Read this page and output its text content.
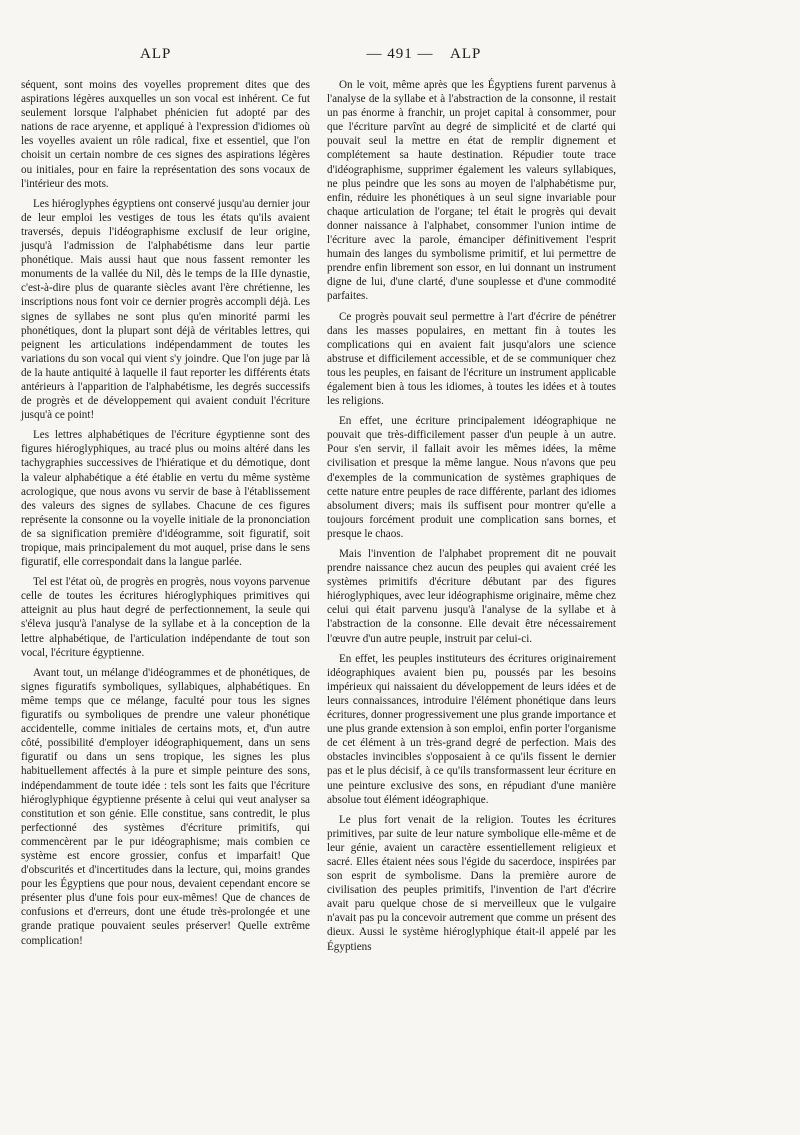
ALP	— 491 —	ALP

séquent, sont moins des voyelles proprement dites que des aspirations légères auxquelles un son vocal est inhérent. Ce fut seulement lorsque l'alphabet phénicien fut adopté par des nations de race aryenne, et appliqué à l'expression d'idiomes où les voyelles avaient un rôle radical, fixe et essentiel, que l'on choisit un certain nombre de ces signes des aspirations légères ou initiales, pour en faire la représentation des sons vocaux de l'intérieur des mots.

Les hiéroglyphes égyptiens ont conservé jusqu'au dernier jour de leur emploi les vestiges de tous les états qu'ils avaient traversés, depuis l'idéographisme exclusif de leur origine, jusqu'à l'admission de l'alphabétisme dans leur partie phonétique. Mais aussi haut que nous fassent remonter les monuments de la vallée du Nil, dès le temps de la IIIe dynastie, c'est-à-dire plus de quarante siècles avant l'ère chrétienne, les inscriptions nous font voir ce dernier progrès accompli déjà. Les signes de syllabes ne sont plus qu'en minorité parmi les phonétiques, dont la plupart sont déjà de véritables lettres, qui peignent les articulations indépendamment de toutes les variations du son vocal qui vient s'y joindre. Que l'on juge par là de la haute antiquité à laquelle il faut reporter les différents états antérieurs à l'apparition de l'alphabétisme, les degrés successifs de progrès et de développement qui avaient conduit l'écriture jusqu'à ce point!

Les lettres alphabétiques de l'écriture égyptienne sont des figures hiéroglyphiques, au tracé plus ou moins altéré dans les tachygraphies successives de l'hiératique et du démotique, dont la valeur alphabétique a été établie en vertu du même système acrologique, que nous avons vu servir de base à l'établissement des valeurs des signes de syllabes. Chacune de ces figures représente la consonne ou la voyelle initiale de la prononciation de sa signification première d'idéogramme, soit figuratif, soit tropique, mais principalement du mot auquel, prise dans le sens figuratif, elle correspondait dans la langue parlée.

Tel est l'état où, de progrès en progrès, nous voyons parvenue celle de toutes les écritures hiéroglyphiques primitives qui atteignit au plus haut degré de perfectionnement, la seule qui s'éleva jusqu'à l'analyse de la syllabe et à la conception de la lettre alphabétique, de l'articulation indépendante de tout son vocal, l'écriture égyptienne.

Avant tout, un mélange d'idéogrammes et de phonétiques, de signes figuratifs symboliques, syllabiques, alphabétiques. En même temps que ce mélange, faculté pour tous les signes figuratifs ou symboliques de prendre une valeur phonétique accidentelle, comme initiales de certains mots, et, d'un autre côté, possibilité d'employer idéographiquement, dans un sens figuratif ou dans un sens tropique, les signes les plus habituellement affectés à la pure et simple peinture des sons, indépendamment de toute idée : tels sont les faits que l'écriture hiéroglyphique égyptienne présente à celui qui veut analyser sa constitution et son génie. Elle constitue, sans contredit, le plus perfectionné des systèmes d'écriture primitifs, qui commencèrent par le pur idéographisme; mais combien ce système est encore grossier, confus et imparfait! Que d'obscurités et d'incertitudes dans la lecture, qui, moins grandes pour les Égyptiens que pour nous, devaient cependant encore se présenter plus d'une fois pour eux-mêmes! Que de chances de confusions et d'erreurs, dont une étude très-prolongée et une grande pratique pouvaient seules préserver! Quelle extrême complication!

On le voit, même après que les Égyptiens furent parvenus à l'analyse de la syllabe et à l'abstraction de la consonne, il restait un pas énorme à franchir, un projet capital à consommer, pour que l'écriture parvînt au degré de simplicité et de clarté qui pouvait seul la mettre en état de remplir dignement et complétement sa haute destination. Répudier toute trace d'idéographisme, supprimer également les valeurs syllabiques, ne plus peindre que les sons au moyen de l'alphabétisme pur, enfin, réduire les phonétiques à un seul signe invariable pour chaque articulation de l'organe; tel était le progrès qui devait donner naissance à l'alphabet, consommer l'union intime de l'écriture avec la parole, émanciper définitivement l'esprit humain des langes du symbolisme primitif, et lui permettre de prendre enfin librement son essor, en lui donnant un instrument digne de lui, d'une clarté, d'une souplesse et d'une commodité parfaites.

Ce progrès pouvait seul permettre à l'art d'écrire de pénétrer dans les masses populaires, en mettant fin à toutes les complications qui en avaient fait jusqu'alors une science abstruse et difficilement accessible, et de se communiquer chez tous les peuples, en faisant de l'écriture un instrument applicable également bien à tous les idiomes, à toutes les idées et à toutes les religions.

En effet, une écriture principalement idéographique ne pouvait que très-difficilement passer d'un peuple à un autre. Pour s'en servir, il fallait avoir les mêmes idées, la même civilisation et presque la même langue. Nous n'avons que peu d'exemples de la communication de systèmes graphiques de cette nature entre peuples de race différente, parlant des idiomes absolument divers; mais ils suffisent pour montrer qu'elle a toujours forcément produit une complication sans bornes, et presque le chaos.

Mais l'invention de l'alphabet proprement dit ne pouvait prendre naissance chez aucun des peuples qui avaient créé les systèmes primitifs d'écriture débutant par des figures hiéroglyphiques, avec leur idéographisme originaire, même chez celui qui était parvenu jusqu'à l'analyse de la syllabe et à l'abstraction de la consonne. Elle devait être nécessairement l'œuvre d'un autre peuple, instruit par celui-ci.

En effet, les peuples instituteurs des écritures originairement idéographiques avaient bien pu, poussés par les besoins impérieux qui naissaient du développement de leurs idées et de leurs connaissances, introduire l'élément phonétique dans leurs écritures, donner progressivement une plus grande importance et une plus grande extension à son emploi, enfin porter l'organisme de cet élément à un très-grand degré de perfection. Mais des obstacles invincibles s'opposaient à ce qu'ils fissent le dernier pas et le plus décisif, à ce qu'ils transformassent leur écriture en une peinture exclusive des sons, en répudiant d'une manière absolue tout élément idéographique.

Le plus fort venait de la religion. Toutes les écritures primitives, par suite de leur nature symbolique elle-même et de leur génie, avaient un caractère essentiellement religieux et sacré. Elles étaient nées sous l'égide du sacerdoce, inspirées par son esprit de symbolisme. Dans la première aurore de civilisation des peuples primitifs, l'invention de l'art d'écrire avait paru quelque chose de si merveilleux que le vulgaire n'avait pas pu la concevoir autrement que comme un présent des dieux. Aussi le système hiéroglyphique était-il appelé par les Égyptiens
